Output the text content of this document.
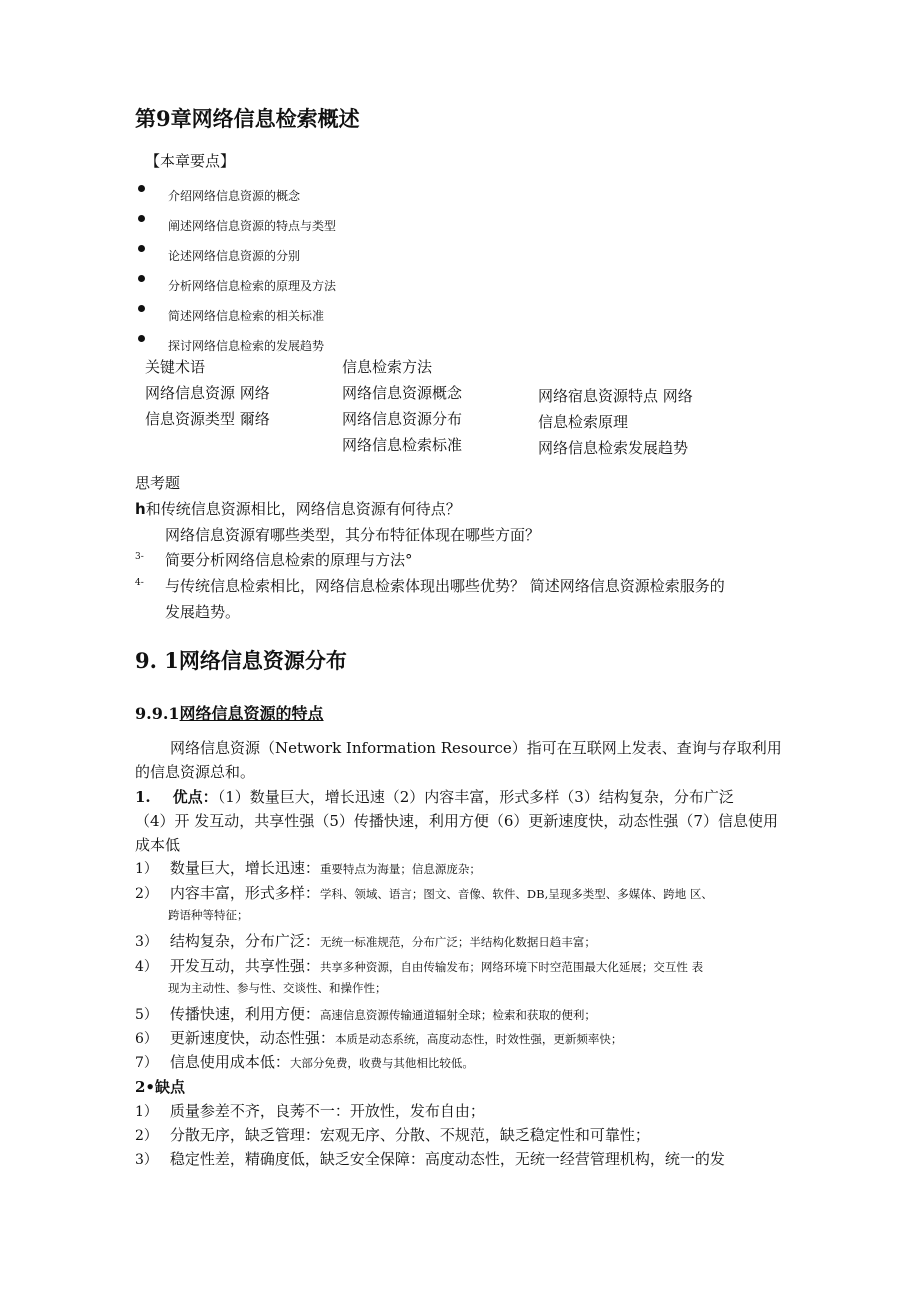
第9章网络信息检索概述
【本章要点】
介绍网络信息资源的概念
阐述网络信息资源的特点与类型
论述网络信息资源的分别
分析网络信息检索的原理及方法
简述网络信息检索的相关标准
探讨网络信息检索的发展趋势
关键术语
网络信息资源 网络
信息资源类型 爾络
信息检索方法
网络信息资源概念
网络信息资源分布
网络信息检索标准
网络宿息资源特点 网络
信息检索原理
网络信息检索发展趋势
思考题
h和传统信息资源相比，网络信息资源有何待点？
网络信息资源宥哪些类型，其分布特征体现在哪些方面？
3- 简要分析网络信息检索的原理与方法°
4- 与传统信息检索相比，网络信息检索体现出哪些优势？ 简述网络信息资源检索服务的
发展趋势。
9. 1网络信息资源分布
9.9.1网络信息资源的特点
网络信息资源（Network Information Resource）指可在互联网上发表、查询与存取利用
的信息资源总和。
1. 优点：（1）数量巨大，增长迅速（2）内容丰富，形式多样（3）结构复杂，分布广泛
（4）开 发互动，共享性强（5）传播快速，利用方便（6）更新速度快，动态性强（7）信息使用
成本低
1） 数量巨大，增长迅速：重要特点为海量；信息源庞杂；
2） 内容丰富，形式多样：学科、领域、语言；图文、音像、软件、DB,呈现多类型、多媒体、跨地 区、
跨语种等特征；
3） 结构复杂，分布广泛：无统一标准规范，分布广泛；半结构化数据日趋丰富；
4） 开发互动，共享性强：共享多种资源，自由传输发布；网络环境下时空范围最大化延展；交互性 表
现为主动性、参与性、交谈性、和操作性；
5） 传播快速，利用方便：高速信息资源传输通道辐射全球；检索和获取的便利；
6） 更新速度快，动态性强：本质是动态系统，高度动态性，时效性强，更新频率快；
7） 信息使用成本低：大部分免费，收费与其他相比较低。
2•缺点
1） 质量参差不齐，良莠不一：开放性，发布自由；
2） 分散无序，缺乏管理：宏观无序、分散、不规范，缺乏稳定性和可靠性；
3） 稳定性差，精确度低，缺乏安全保障：高度动态性，无统一经营管理机构，统一的发
